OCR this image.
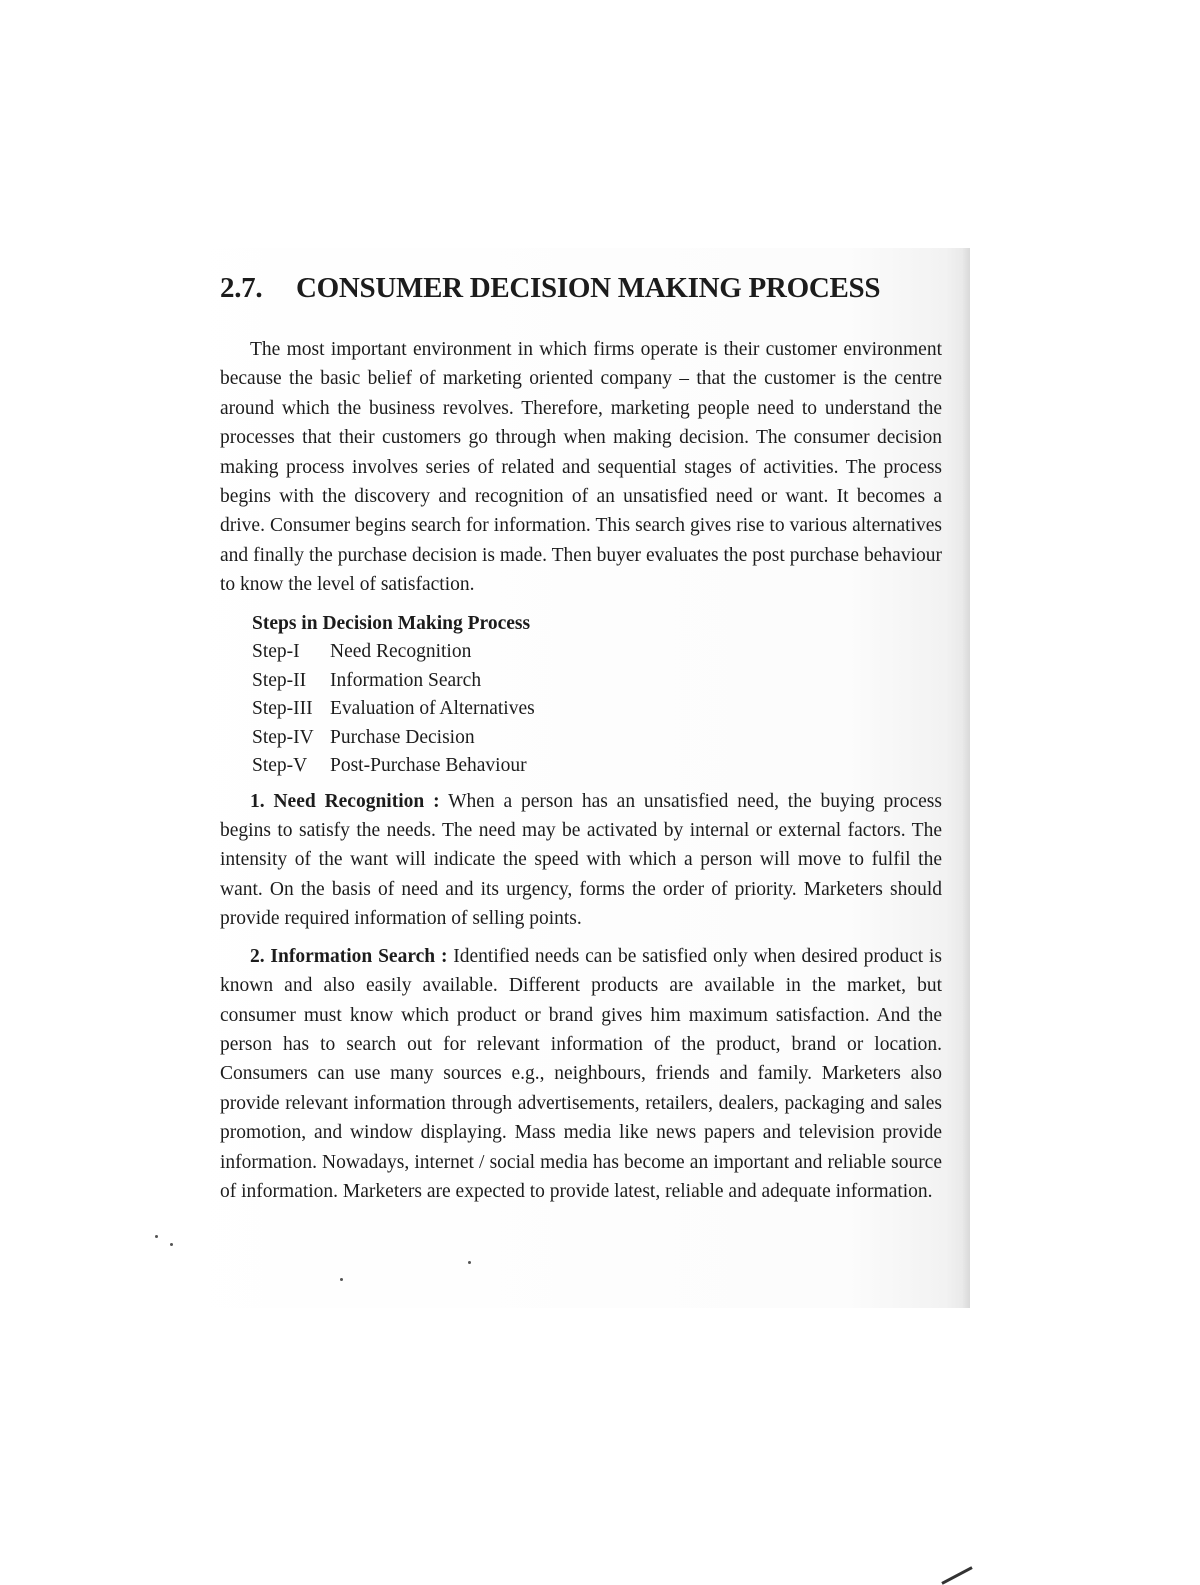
2.7.	CONSUMER DECISION MAKING PROCESS

The most important environment in which firms operate is their customer environment because the basic belief of marketing oriented company – that the customer is the centre around which the business revolves. Therefore, marketing people need to understand the processes that their customers go through when making decision. The consumer decision making process involves series of related and sequential stages of activities. The process begins with the discovery and recognition of an unsatisfied need or want. It becomes a drive. Consumer begins search for information. This search gives rise to various alternatives and finally the purchase decision is made. Then buyer evaluates the post purchase behaviour to know the level of satisfaction.

Steps in Decision Making Process
Step-I	Need Recognition
Step-II	Information Search
Step-III Evaluation of Alternatives
Step-IV Purchase Decision
Step-V	Post-Purchase Behaviour

1. Need Recognition : When a person has an unsatisfied need, the buying process begins to satisfy the needs. The need may be activated by internal or external factors. The intensity of the want will indicate the speed with which a person will move to fulfil the want. On the basis of need and its urgency, forms the order of priority. Marketers should provide required information of selling points.

2. Information Search : Identified needs can be satisfied only when desired product is known and also easily available. Different products are available in the market, but consumer must know which product or brand gives him maximum satisfaction. And the person has to search out for relevant information of the product, brand or location. Consumers can use many sources e.g., neighbours, friends and family. Marketers also provide relevant information through advertisements, retailers, dealers, packaging and sales promotion, and window displaying. Mass media like news papers and television provide information. Nowadays, internet / social media has become an important and reliable source of information. Marketers are expected to provide latest, reliable and adequate information.
